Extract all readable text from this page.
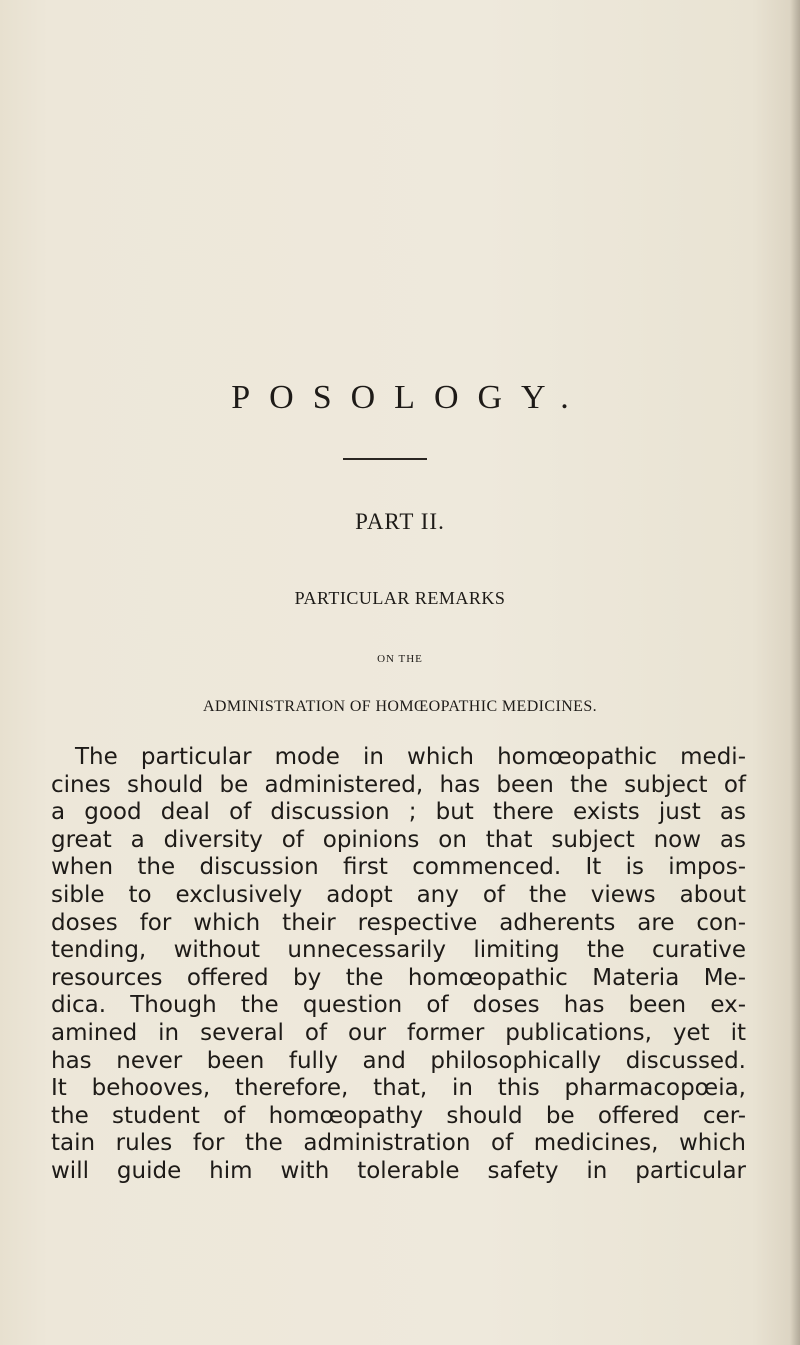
POSOLOGY.
PART II.
PARTICULAR REMARKS
ON THE
ADMINISTRATION OF HOMŒOPATHIC MEDICINES.
The particular mode in which homœopathic medi-
cines should be administered, has been the subject of
a good deal of discussion ; but there exists just as
great a diversity of opinions on that subject now as
when the discussion first commenced. It is impos-
sible to exclusively adopt any of the views about
doses for which their respective adherents are con-
tending, without unnecessarily limiting the curative
resources offered by the homœopathic Materia Me-
dica. Though the question of doses has been ex-
amined in several of our former publications, yet it
has never been fully and philosophically discussed.
It behooves, therefore, that, in this pharmacopœia,
the student of homœopathy should be offered cer-
tain rules for the administration of medicines, which
will guide him with tolerable safety in particular
